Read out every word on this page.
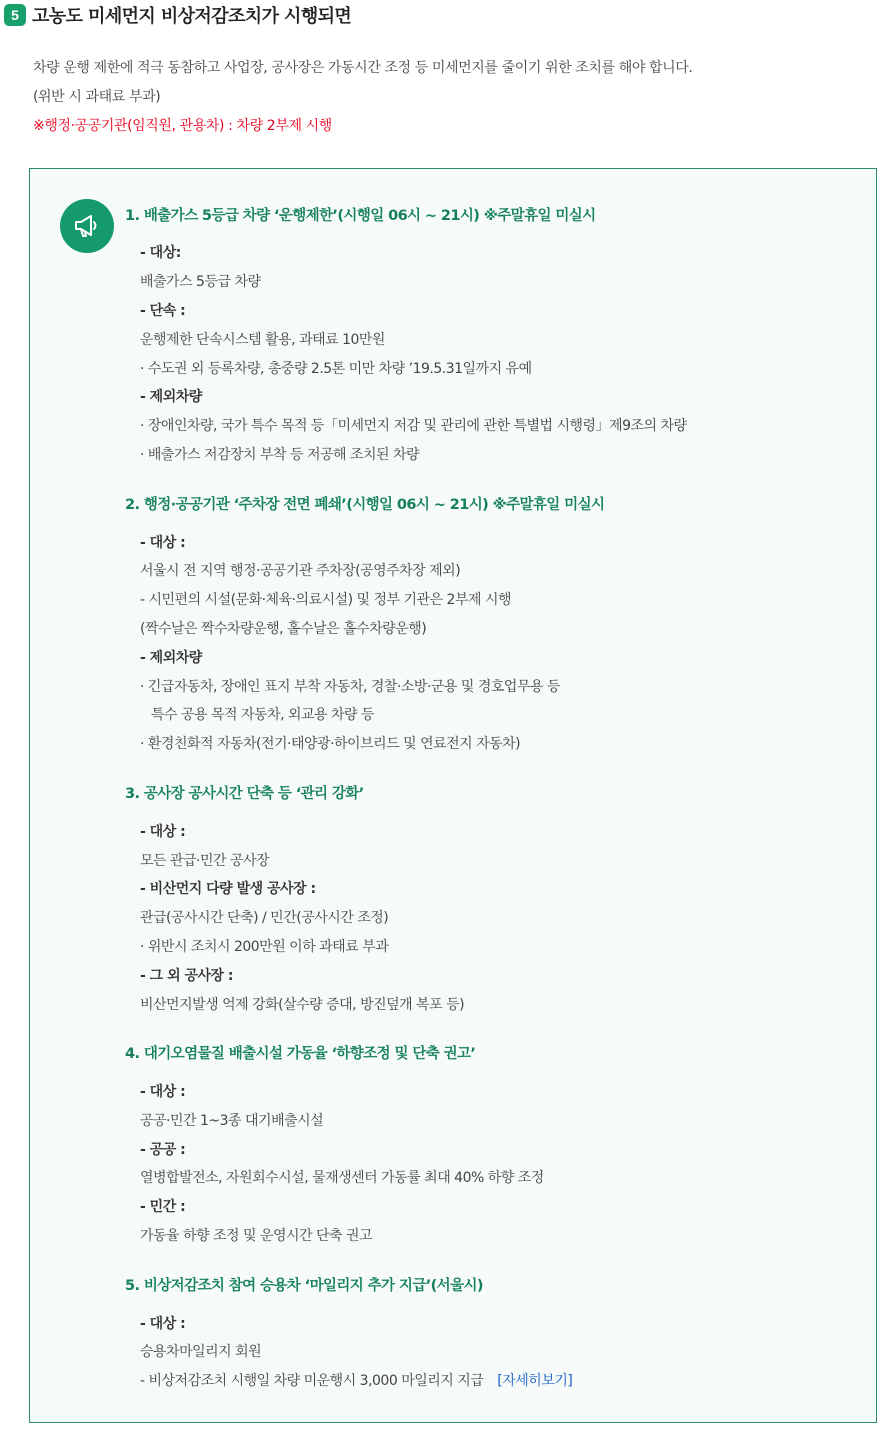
5 고농도 미세먼지 비상저감조치가 시행되면
차량 운행 제한에 적극 동참하고 사업장, 공사장은 가동시간 조정 등 미세먼지를 줄이기 위한 조치를 해야 합니다.
(위반 시 과태료 부과)
※행정·공공기관(임직원, 관용차) : 차량 2부제 시행
1. 배출가스 5등급 차량 ‘운행제한’(시행일 06시 ~ 21시) ※주말휴일 미실시
- 대상:
배출가스 5등급 차량
- 단속 :
운행제한 단속시스템 활용, 과태료 10만원
· 수도권 외 등록차량, 총중량 2.5톤 미만 차량 ’19.5.31일까지 유예
- 제외차량
· 장애인차량, 국가 특수 목적 등「미세먼지 저감 및 관리에 관한 특별법 시행령」제9조의 차량
· 배출가스 저감장치 부착 등 저공해 조치된 차량
2. 행정·공공기관 ‘주차장 전면 폐쇄’(시행일 06시 ~ 21시) ※주말휴일 미실시
- 대상 :
서울시 전 지역 행정·공공기관 주차장(공영주차장 제외)
- 시민편의 시설(문화·체육·의료시설) 및 정부 기관은 2부제 시행
(짝수날은 짝수차량운행, 홀수날은 홀수차량운행)
- 제외차량
· 긴급자동차, 장애인 표지 부착 자동차, 경찰·소방·군용 및 경호업무용 등
특수 공용 목적 자동차, 외교용 차량 등
· 환경친화적 자동차(전기·태양광·하이브리드 및 연료전지 자동차)
3. 공사장 공사시간 단축 등 ‘관리 강화’
- 대상 :
모든 관급·민간 공사장
- 비산먼지 다량 발생 공사장 :
관급(공사시간 단축) / 민간(공사시간 조정)
· 위반시 조치시 200만원 이하 과태료 부과
- 그 외 공사장 :
비산먼지발생 억제 강화(살수량 증대, 방진덮개 복포 등)
4. 대기오염물질 배출시설 가동율 ‘하향조정 및 단축 권고’
- 대상 :
공공·민간 1~3종 대기배출시설
- 공공 :
열병합발전소, 자원회수시설, 물재생센터 가동률 최대 40% 하향 조정
- 민간 :
가동율 하향 조정 및 운영시간 단축 권고
5. 비상저감조치 참여 승용차 ‘마일리지 추가 지급’(서울시)
- 대상 :
승용차마일리지 회원
- 비상저감조치 시행일 차량 미운행시 3,000 마일리지 지급 [자세히보기]
